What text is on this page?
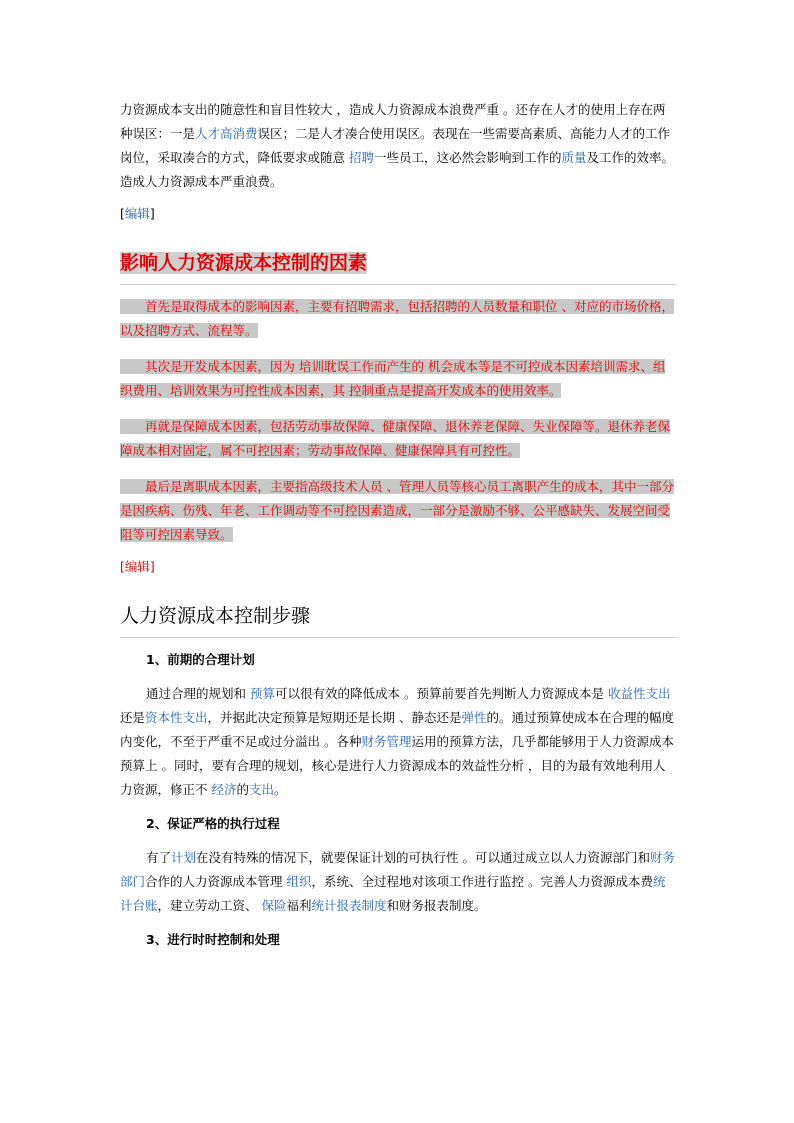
力资源成本支出的随意性和盲目性较大 ，造成人力资源成本浪费严重 。还存在人才的使用上存在两种误区：一是人才高消费误区；二是人才凑合使用误区。表现在一些需要高素质、高能力人才的工作岗位，采取凑合的方式，降低要求或随意 招聘一些员工，这必然会影响到工作的质量及工作的效率。造成人力资源成本严重浪费。

[编辑]
影响人力资源成本控制的因素

　　首先是取得成本的影响因素，主要有招聘需求，包括招聘的人员数量和职位 、对应的市场价格，以及招聘方式、流程等。

　　其次是开发成本因素，因为 培训耽误工作而产生的 机会成本等是不可控成本因素培训需求、组织费用、培训效果为可控性成本因素，其 控制重点是提高开发成本的使用效率。

　　再就是保障成本因素，包括劳动事故保障、健康保障、退休养老保障、失业保障等。退休养老保障成本相对固定，属不可控因素；劳动事故保障、健康保障具有可控性。

　　最后是离职成本因素，主要指高级技术人员 、管理人员等核心员工离职产生的成本，其中一部分是因疾病、伤残、年老、工作调动等不可控因素造成，一部分是激励不够、公平感缺失、发展空间受阻等可控因素导致。

[编辑]
人力资源成本控制步骤
1、前期的合理计划

通过合理的规划和 预算可以很有效的降低成本 。预算前要首先判断人力资源成本是 收益性支出还是资本性支出，并据此决定预算是短期还是长期 、静态还是弹性的。通过预算使成本在合理的幅度内变化，不至于严重不足或过分溢出 。各种财务管理运用的预算方法，几乎都能够用于人力资源成本预算上 。同时，要有合理的规划，核心是进行人力资源成本的效益性分析 ，目的为最有效地利用人力资源，修正不 经济的支出。

2、保证严格的执行过程

有了计划在没有特殊的情况下，就要保证计划的可执行性 。可以通过成立以人力资源部门和财务部门合作的人力资源成本管理 组织，系统、全过程地对该项工作进行监控 。完善人力资源成本费统计台账，建立劳动工资、 保险福利统计报表制度和财务报表制度。

3、进行时时控制和处理
